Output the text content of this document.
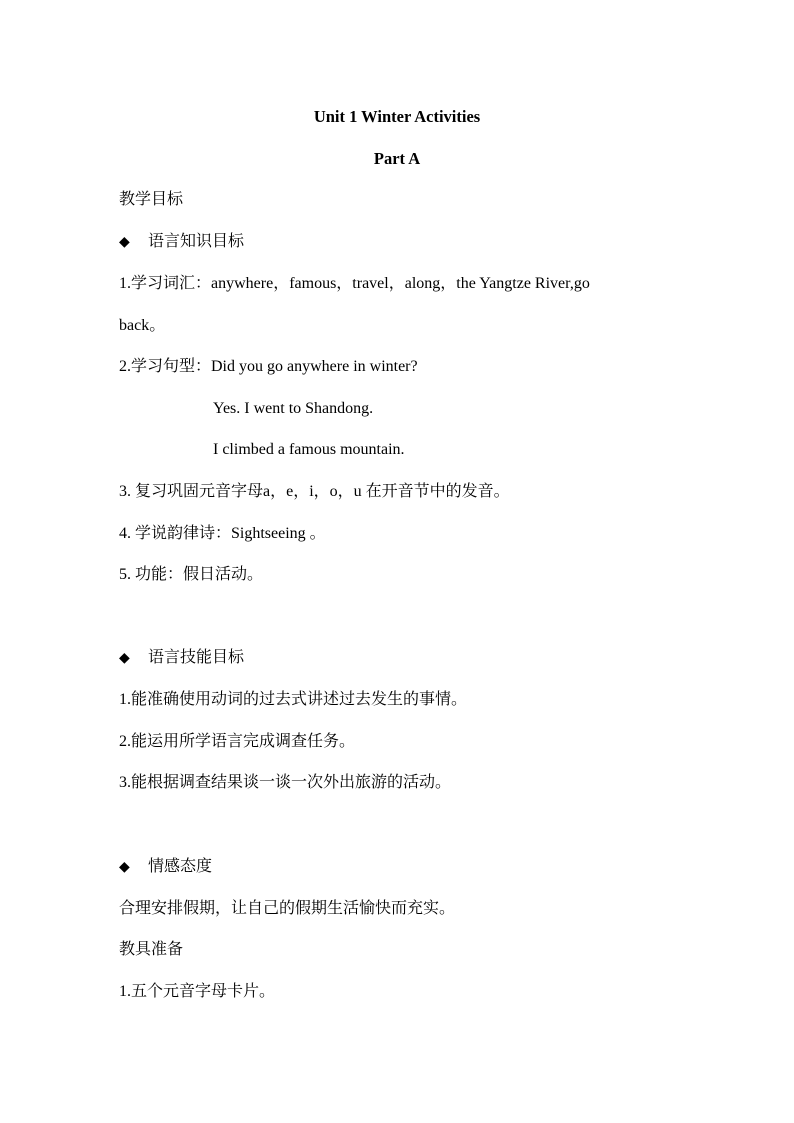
Unit 1 Winter Activities
Part A
教学目标
◆ 语言知识目标
1.学习词汇：anywhere，famous，travel，along，the Yangtze River,go
back。
2.学习句型：Did you go anywhere in winter?
Yes. I went to Shandong.
I climbed a famous mountain.
3. 复习巩固元音字母a，e，i，o，u 在开音节中的发音。
4. 学说韵律诗：Sightseeing 。
5. 功能：假日活动。
◆ 语言技能目标
1.能准确使用动词的过去式讲述过去发生的事情。
2.能运用所学语言完成调查任务。
3.能根据调查结果谈一谈一次外出旅游的活动。
◆ 情感态度
合理安排假期，让自己的假期生活愉快而充实。
教具准备
1.五个元音字母卡片。
